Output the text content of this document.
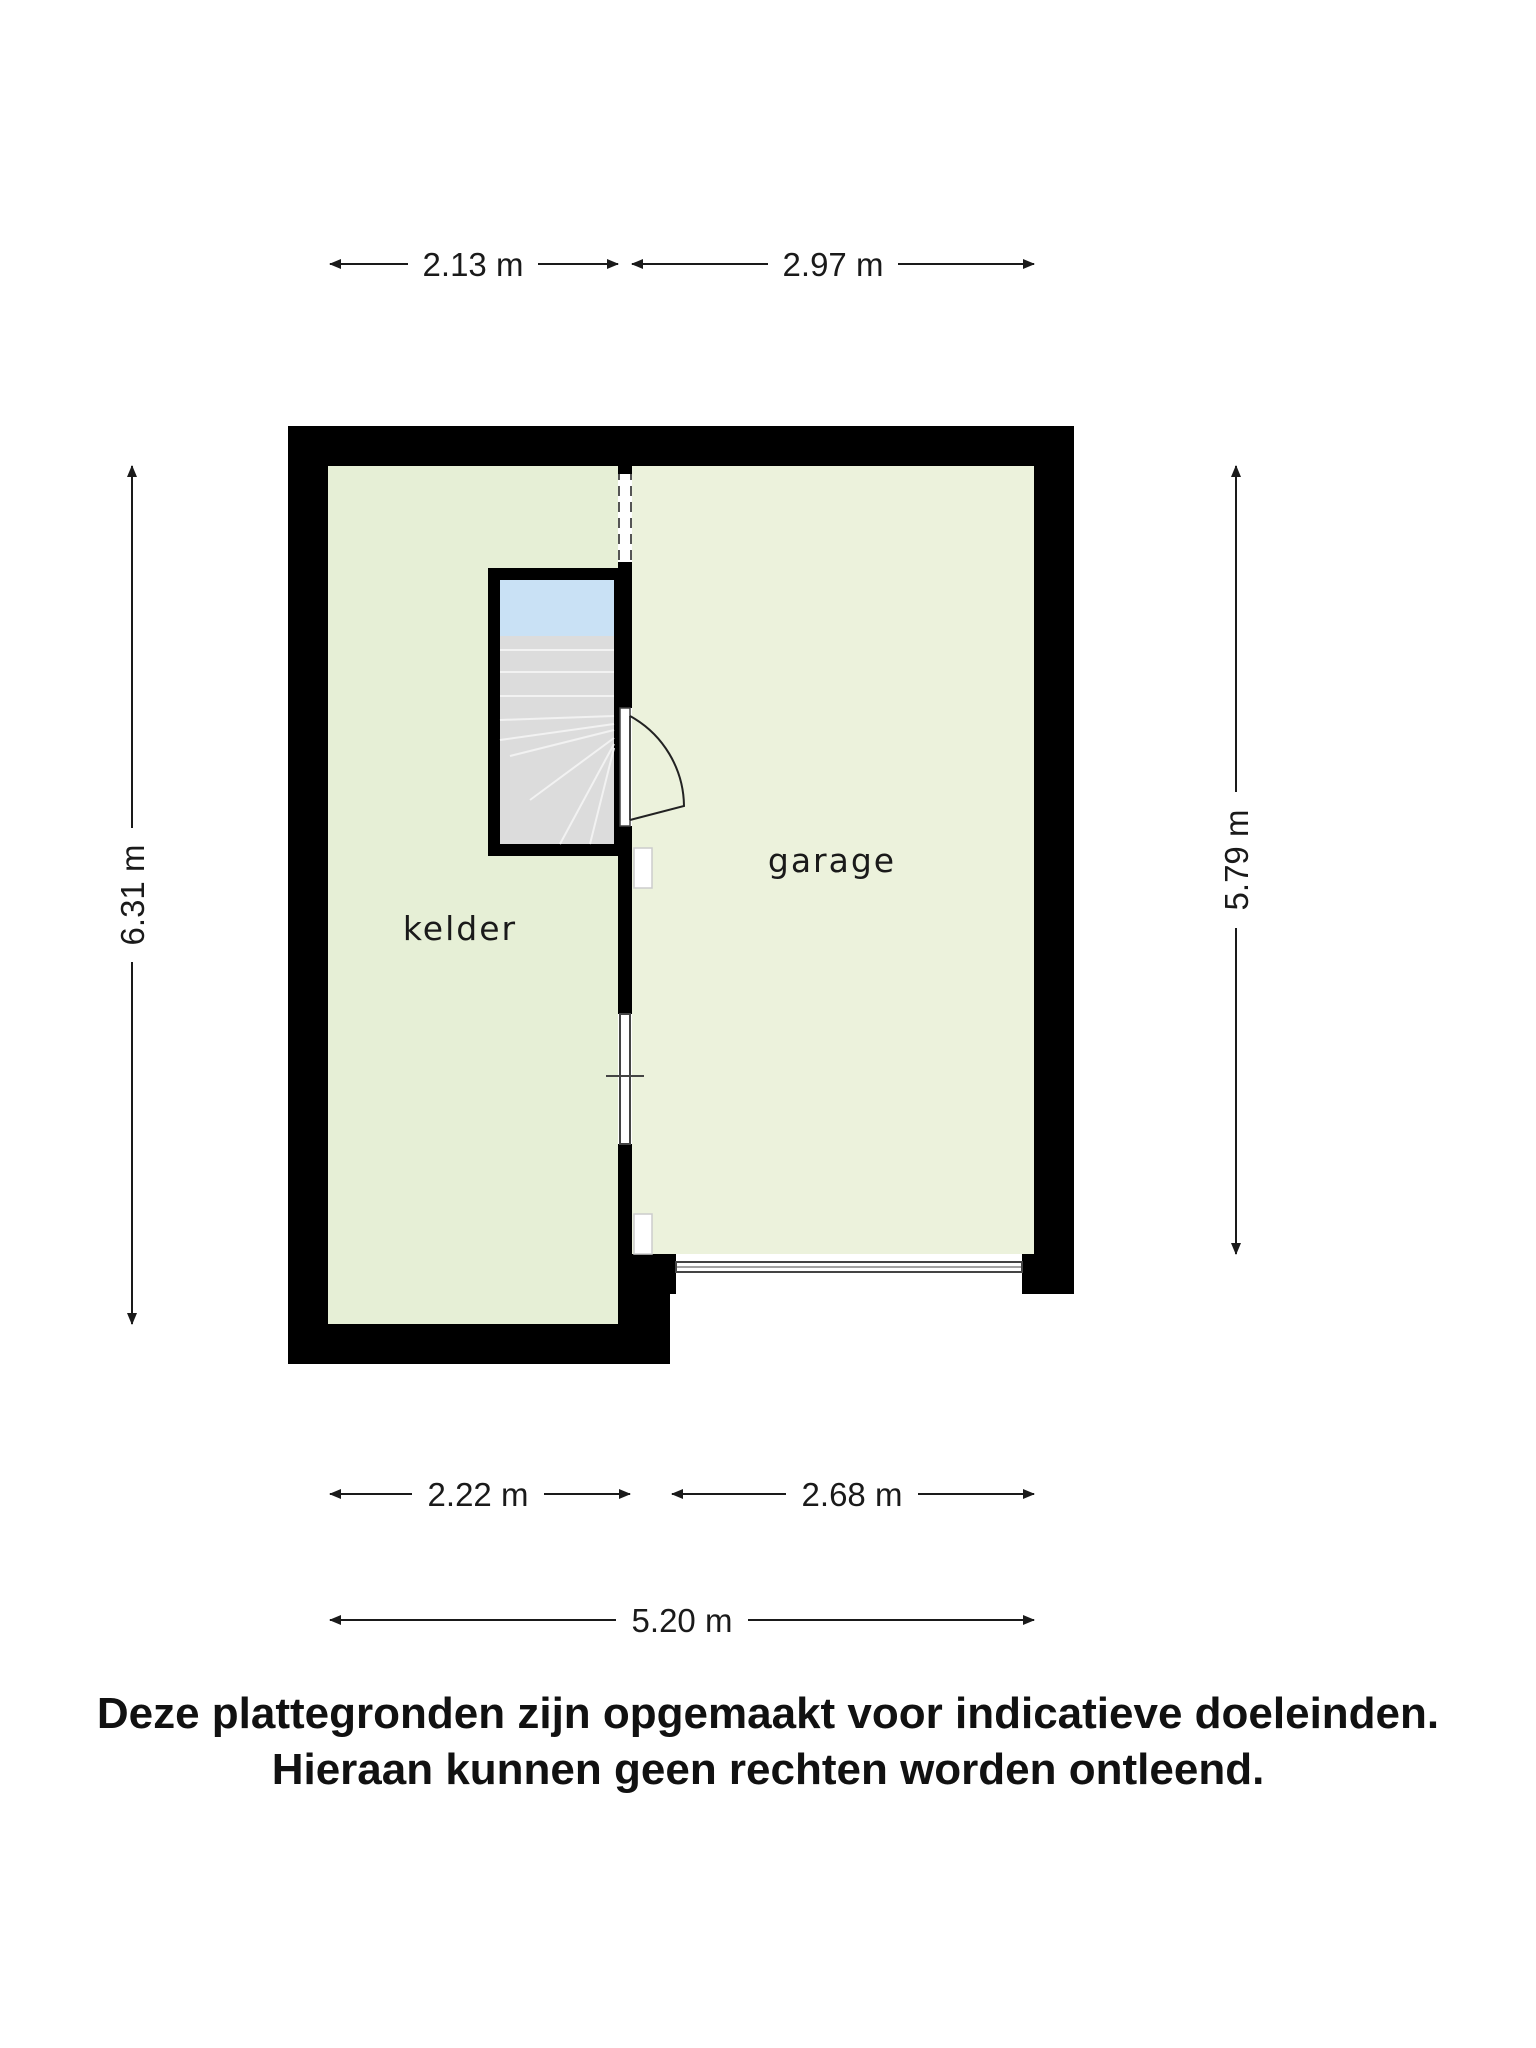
kelder
garage
2.13 m	2.97 m
6.31 m	5.79 m
2.22 m	2.68 m
5.20 m
Deze plattegronden zijn opgemaakt voor indicatieve doeleinden.
Hieraan kunnen geen rechten worden ontleend.
